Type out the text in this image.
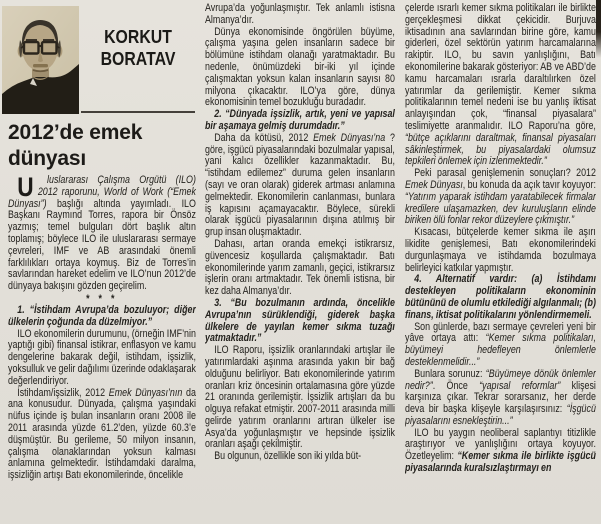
KORKUT BORATAV
2012’de emek dünyası

U	luslararası Çalışma Örgütü (ILO) 2012 raporunu, World of Work (“Emek Dünyası”) başlığı altında yayımladı. ILO Başkanı Raymınd Torres, rapora bir Önsöz yazmış; temel bulguları dört başlık altın toplamış; böylece ILO ile uluslararası sermaye çevreleri, IMF ve AB arasındaki önemli farklılıkları ortaya koymuş. Biz de Torres’in savlarından hareket edelim ve ILO’nun 2012’de dünyaya bakışını gözden geçirelim.

* * *

1. “İstihdam Avrupa’da bozuluyor; diğer ülkelerin çoğunda da düzelmiyor.”

ILO ekonomilerin durumunu, (örneğin IMF’nin yaptığı gibi) finansal istikrar, enflasyon ve kamu dengelerine bakarak değil, istihdam, işsizlik, yoksulluk ve gelir dağılımı üzerinde odaklaşarak değerlendiriyor.

İstihdam/işsizlik, 2012 Emek Dünyası’nın da ana konusudur. Dünyada, çalışma yaşındaki nüfus içinde iş bulan insanların oranı 2008 ile 2011 arasında yüzde 61.2’den, yüzde 60.3’e düşmüştür. Bu gerileme, 50 milyon insanın, çalışma olanaklarından yoksun kalması anlamına gelmektedir. İstihdamdaki daralma, işsizliğin artışı Batı ekonomilerinde, öncelikle

Avrupa’da yoğunlaşmıştır. Tek anlamlı istisna Almanya’dır.

Dünya ekonomisinde öngörülen büyüme, çalışma yaşına gelen insanların sadece bir bölümüne istihdam olanağı yaratmaktadır. Bu nedenle, önümüzdeki bir-iki yıl içinde çalışmaktan yoksun kalan insanların sayısı 80 milyona çıkacaktır. ILO’ya göre, dünya ekonomisinin temel bozukluğu buradadır.

2. “Dünyada işsizlik, artık, yeni ve yapısal bir aşamaya gelmiş durumdadır.”

Daha da kötüsü, 2012 Emek Dünyası’na ? göre, işgücü piyasalarındaki bozulmalar yapısal, yani kalıcı özellikler kazanmaktadır. Bu, “istihdam edilemez” duruma gelen insanların (sayı ve oran olarak) giderek artması anlamına gelmektedir. Ekonomilerin canlanması, bunlara iş kapısını açamayacaktır. Böylece, sürekli olarak işgücü piyasalarının dışına atılmış bir grup insan oluşmaktadır.

Dahası, artan oranda emekçi istikrarsız, güvencesiz koşullarda çalışmaktadır. Batı ekonomilerinde yarım zamanlı, geçici, istikrarsız işlerin oranı artmaktadır. Tek önemli istisna, bir kez daha Almanya’dır.

3. “Bu bozulmanın ardında, öncelikle Avrupa’nın sürüklendiği, giderek başka ülkelere de yayılan kemer sıkma tuzağı yatmaktadır.”

ILO Raporu, işsizlik oranlarındaki artışlar ile yatırımlardaki aşınma arasında yakın bir bağ olduğunu belirliyor. Batı ekonomilerinde yatırım oranları kriz öncesinin ortalamasına göre yüzde 21 oranında gerilemiştir. İşsizlik artışları da bu olguya refakat etmiştir. 2007-2011 arasında milli gelirde yatırım oranlarını artıran ülkeler ise Asya’da yoğunlaşmıştır ve hepsinde işsizlik oranları aşağı çekilmiştir.

Bu olgunun, özellikle son iki yılda büt-

çelerde ısrarlı kemer sıkma politikaları ile birlikte gerçekleşmesi dikkat çekicidir. Burjuva iktisadının ana savlarından birine göre, kamu giderleri, özel sektörün yatırım harcamalarına rakiptir. ILO, bu savın yanlışlığını, Batı ekonomilerine bakarak gösteriyor: AB ve ABD’de kamu harcamaları ısrarla daraltılırken özel yatırımlar da gerilemiştir. Kemer sıkma politikalarının temel nedeni ise bu yanlış iktisat anlayışından çok, “finansal piyasalara” teslimiyette aranmalıdır. ILO Raporu’na göre, “bütçe açıklarını daraltmak, finansal piyasaları sâkinleştirmek, bu piyasalardaki olumsuz tepkileri önlemek için izlenmektedir.”

Peki parasal genişlemenin sonuçları? 2012 Emek Dünyası, bu konuda da açık tavır koyuyor: “Yatırım yaparak istihdam yaratabilecek firmalar kredilere ulaşamazken, dev kuruluşların elinde biriken ölü fonlar rekor düzeylere çıkmıştır.”

Kısacası, bütçelerde kemer sıkma ile aşırı likidite genişlemesi, Batı ekonomilerindeki durgunlaşmaya ve istihdamda bozulmaya belirleyici katkılar yapmıştır.

4. Alternatif vardır: (a) İstihdamı destekleyen politikaların ekonominin bütününü de olumlu etkilediği algılanmalı; (b) finans, iktisat politikalarını yönlendirmemeli.

Son günlerde, bazı sermaye çevreleri yeni bir yâve ortaya attı: “Kemer sıkma politikaları, büyümeyi hedefleyen önlemlerle desteklenmelidir...”

Bunlara sorunuz: “Büyümeye dönük önlemler nedir?”. Önce “yapısal reformlar” klişesi karşınıza çıkar. Tekrar sorarsanız, her derde deva bir başka klişeyle karşılaşırsınız: “İşgücü piyasalarını esnekleştirin...”

ILO bu yaygın neoliberal saplantıyı titizlikle araştırıyor ve yanlışlığını ortaya koyuyor. Özetleyelim: “Kemer sıkma ile birlikte işgücü piyasalarında kuralsızlaştırmayı en
